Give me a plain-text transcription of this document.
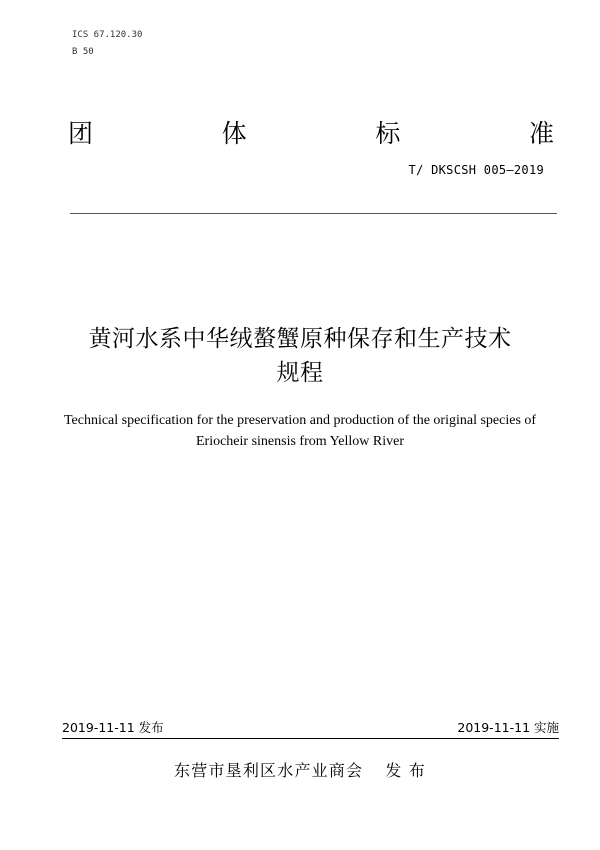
ICS 67.120.30
B 50
团	体	标	准
T/ DKSCSH 005—2019
黄河水系中华绒螯蟹原种保存和生产技术
规程
Technical specification for the preservation and production of the original species of
Eriocheir sinensis from Yellow River
2019-11-11 发布	2019-11-11 实施
东营市垦利区水产业商会 发 布
